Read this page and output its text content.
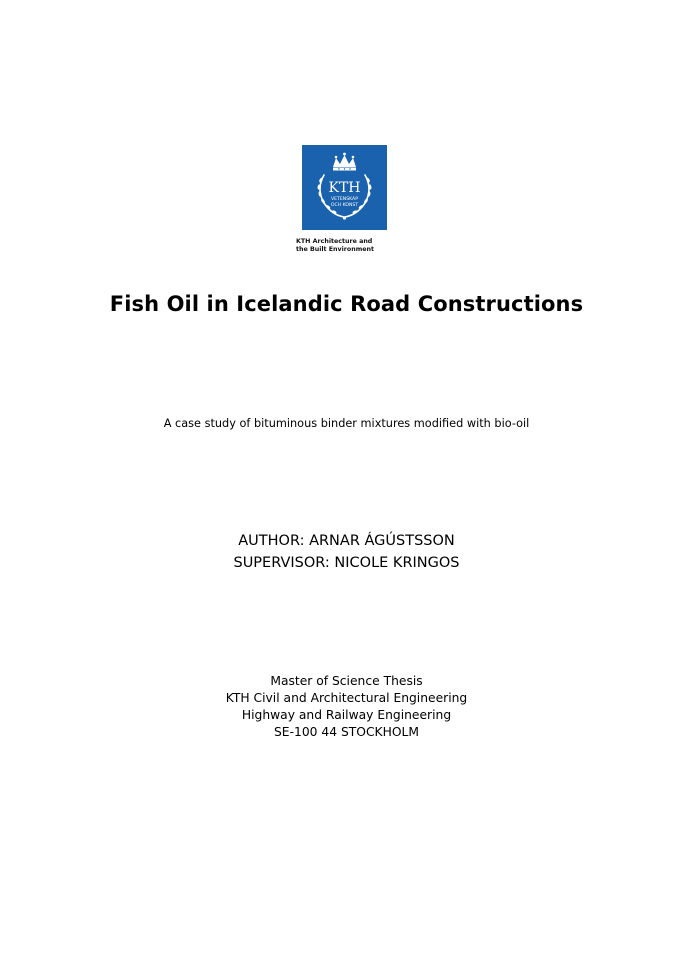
KTH
VETENSKAP
OCH KONST
KTH Architecture and
the Built Environment
Fish Oil in Icelandic Road Constructions
A case study of bituminous binder mixtures modified with bio-oil
AUTHOR: ARNAR ÁGÚSTSSON
SUPERVISOR: NICOLE KRINGOS
Master of Science Thesis
KTH Civil and Architectural Engineering
Highway and Railway Engineering
SE-100 44 STOCKHOLM
